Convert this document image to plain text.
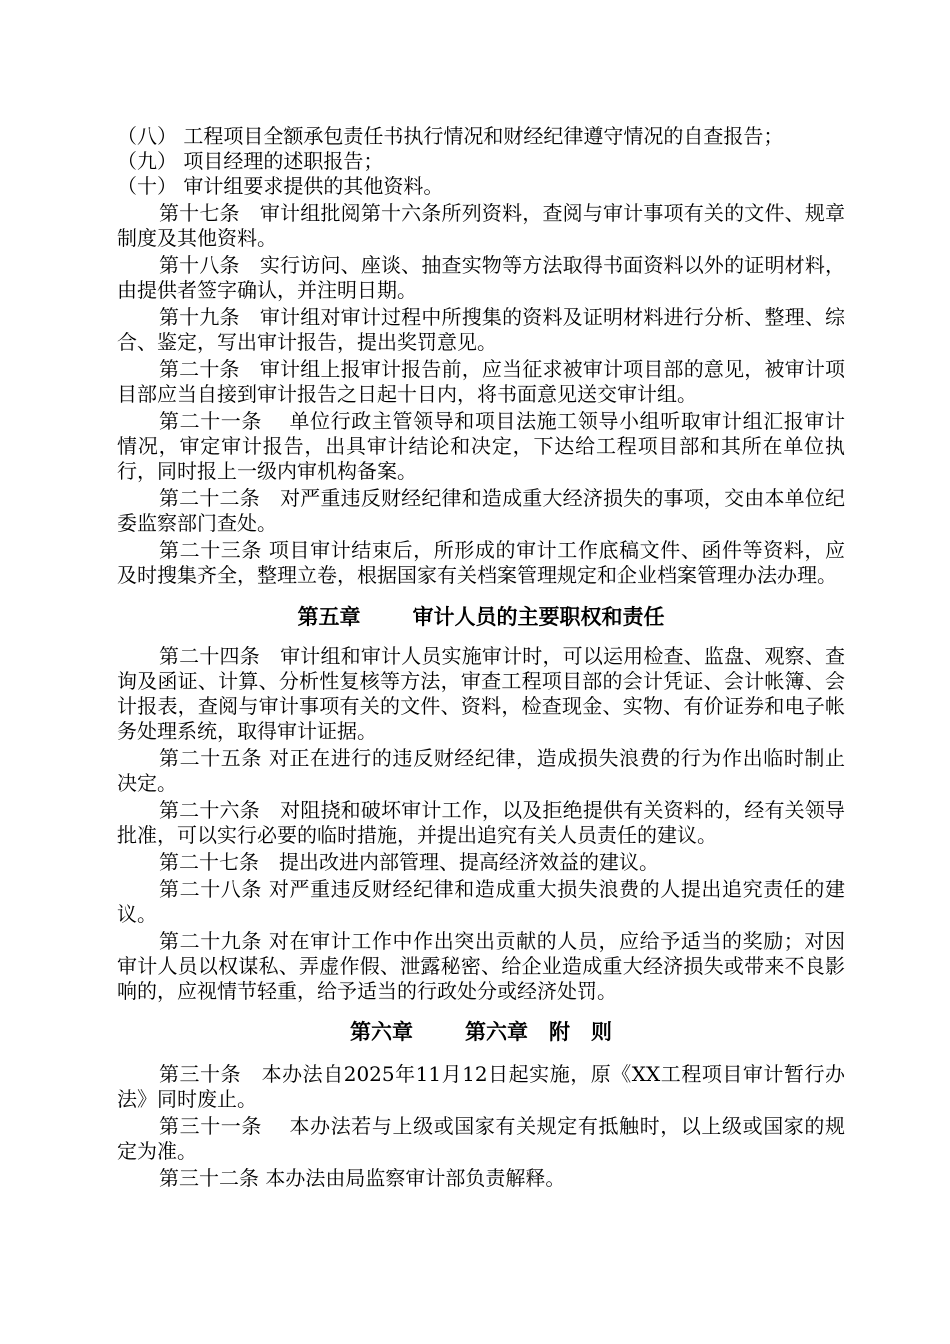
（八） 工程项目全额承包责任书执行情况和财经纪律遵守情况的自查报告；

（九） 项目经理的述职报告；

（十） 审计组要求提供的其他资料。

第十七条　审计组批阅第十六条所列资料，查阅与审计事项有关的文件、规章制度及其他资料。

第十八条　实行访问、座谈、抽查实物等方法取得书面资料以外的证明材料，由提供者签字确认，并注明日期。

第十九条　审计组对审计过程中所搜集的资料及证明材料进行分析、整理、综合、鉴定，写出审计报告，提出奖罚意见。

第二十条　审计组上报审计报告前，应当征求被审计项目部的意见，被审计项目部应当自接到审计报告之日起十日内，将书面意见送交审计组。

第二十一条　 单位行政主管领导和项目法施工领导小组听取审计组汇报审计情况，审定审计报告，出具审计结论和决定，下达给工程项目部和其所在单位执行，同时报上一级内审机构备案。

第二十二条　对严重违反财经纪律和造成重大经济损失的事项，交由本单位纪委监察部门查处。

第二十三条 项目审计结束后，所形成的审计工作底稿文件、函件等资料，应及时搜集齐全，整理立卷，根据国家有关档案管理规定和企业档案管理办法办理。

第五章 审计人员的主要职权和责任

第二十四条　审计组和审计人员实施审计时，可以运用检查、监盘、观察、查询及函证、计算、分析性复核等方法，审查工程项目部的会计凭证、会计帐簿、会计报表，查阅与审计事项有关的文件、资料，检查现金、实物、有价证券和电子帐务处理系统，取得审计证据。

第二十五条 对正在进行的违反财经纪律，造成损失浪费的行为作出临时制止决定。

第二十六条　对阻挠和破坏审计工作，以及拒绝提供有关资料的，经有关领导批准，可以实行必要的临时措施，并提出追究有关人员责任的建议。

第二十七条　提出改进内部管理、提高经济效益的建议。

第二十八条 对严重违反财经纪律和造成重大损失浪费的人提出追究责任的建议。

第二十九条 对在审计工作中作出突出贡献的人员，应给予适当的奖励；对因审计人员以权谋私、弄虚作假、泄露秘密、给企业造成重大经济损失或带来不良影响的，应视情节轻重，给予适当的行政处分或经济处罚。

第六章 第六章　附　则

第三十条　本办法自2025年11月12日起实施，原《XX工程项目审计暂行办法》同时废止。

第三十一条　 本办法若与上级或国家有关规定有抵触时，以上级或国家的规定为准。

第三十二条 本办法由局监察审计部负责解释。
